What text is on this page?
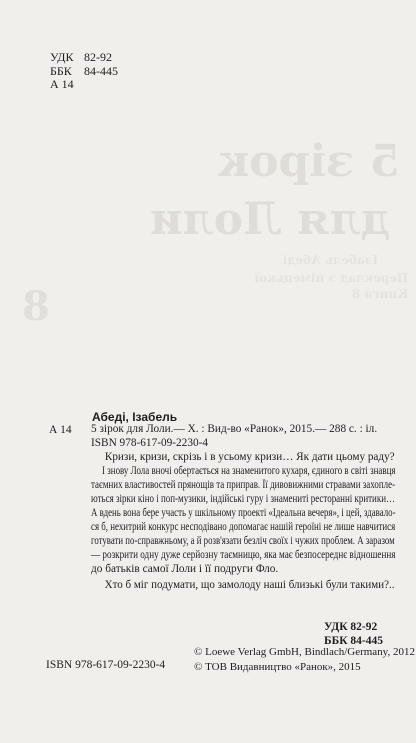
5 зірок
для Лоли
Ізабель Абеді
Переклад з німецької
Книга 8
8
УДК 82-92
ББК 84-445
А 14
Абеді, Ізабель
А 14 5 зірок для Лоли.— Х. : Вид-во «Ранок», 2015.— 288 с. : іл.
ISBN 978-617-09-2230-4
Кризи, кризи, скрізь і в усьому кризи… Як дати цьому раду?
І знову Лола вночі обертається на знаменитого кухаря, єдиного в світі знавця
таємних властивостей прянощів та приправ. Її дивовижними стравами захопле-
ються зірки кіно і поп-музики, індійські гуру і знамениті ресторанні критики…
А вдень вона бере участь у шкільному проекті «Ідеальна вечеря», і цей, здавало-
ся б, нехитрий конкурс несподівано допомагає нашій героїні не лише навчитися
готувати по-справжньому, а й розв'язати безліч своїх і чужих проблем. А заразом
— розкрити одну дуже серйозну таємницю, яка має безпосереднє відношення
до батьків самої Лоли і її подруги Фло.
Хто б міг подумати, що замолоду наші близькі були такими?..
УДК 82-92
ББК 84-445
© Loewe Verlag GmbH, Bindlach/Germany, 2012
© ТОВ Видавництво «Ранок», 2015
ISBN 978-617-09-2230-4
